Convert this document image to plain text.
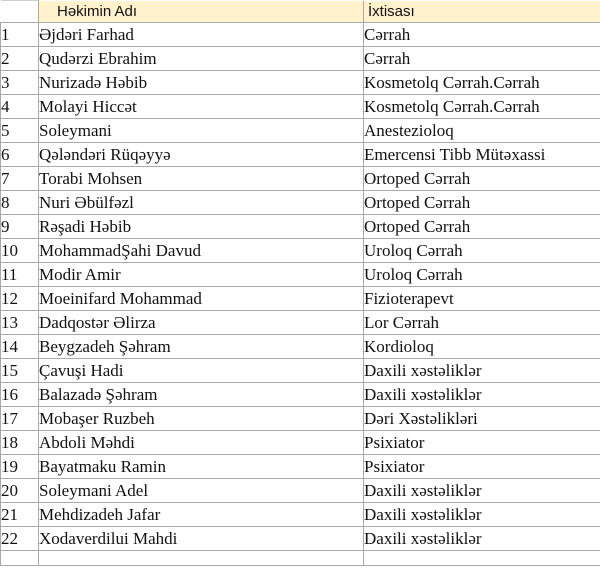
	Həkimin Adı	İxtisası
1	Əjdəri Farhad	Cərrah
2	Qudərzi Ebrahim	Cərrah
3	Nurizadə Həbib	Kosmetolq Cərrah.Cərrah
4	Molayi Hiccət	Kosmetolq Cərrah.Cərrah
5	Soleymani	Anestezioloq
6	Qələndəri Rüqəyyə	Emercensi Tibb Mütəxassi
7	Torabi Mohsen	Ortoped Cərrah
8	Nuri Əbülfəzl	Ortoped Cərrah
9	Rəşadi Həbib	Ortoped Cərrah
10	MohammadŞahi Davud	Uroloq Cərrah
11	Modir Amir	Uroloq Cərrah
12	Moeinifard Mohammad	Fizioterapevt
13	Dadqostər Əlirza	Lor Cərrah
14	Beygzadeh Şəhram	Kordioloq
15	Çavuşi Hadi	Daxili xəstəliklər
16	Balazadə Şəhram	Daxili xəstəliklər
17	Mobaşer Ruzbeh	Dəri Xəstəlikləri
18	Abdoli Məhdi	Psixiator
19	Bayatmaku Ramin	Psixiator
20	Soleymani Adel	Daxili xəstəliklər
21	Mehdizadeh Jafar	Daxili xəstəliklər
22	Xodaverdilui Mahdi	Daxili xəstəliklər
